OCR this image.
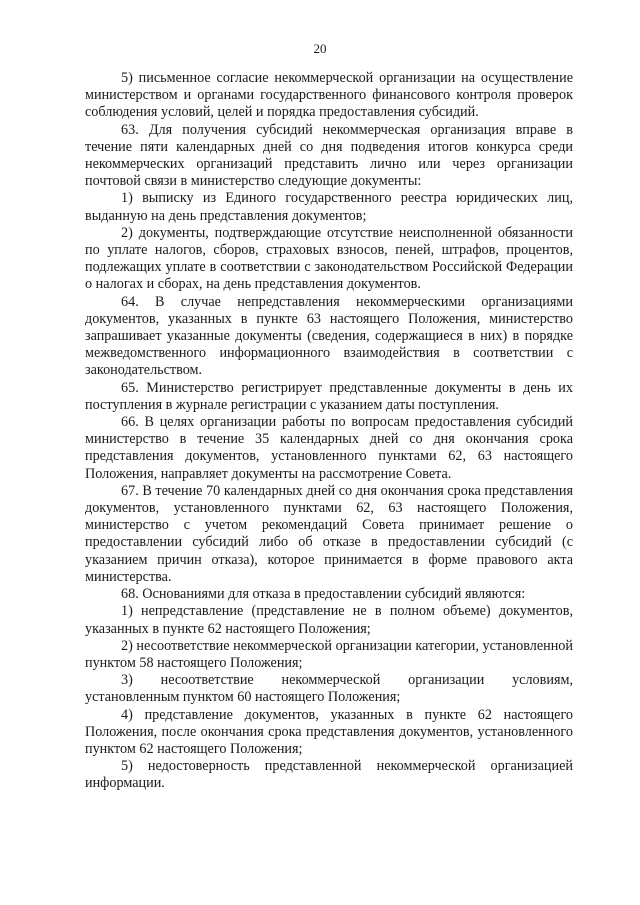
20

5) письменное согласие некоммерческой организации на осуществление министерством и органами государственного финансового контроля проверок соблюдения условий, целей и порядка предоставления субсидий.

63. Для получения субсидий некоммерческая организация вправе в течение пяти календарных дней со дня подведения итогов конкурса среди некоммерческих организаций представить лично или через организации почтовой связи в министерство следующие документы:

1) выписку из Единого государственного реестра юридических лиц, выданную на день представления документов;

2) документы, подтверждающие отсутствие неисполненной обязанности по уплате налогов, сборов, страховых взносов, пеней, штрафов, процентов, подлежащих уплате в соответствии с законодательством Российской Федерации о налогах и сборах, на день представления документов.

64. В случае непредставления некоммерческими организациями документов, указанных в пункте 63 настоящего Положения, министерство запрашивает указанные документы (сведения, содержащиеся в них) в порядке межведомственного информационного взаимодействия в соответствии с законодательством.

65. Министерство регистрирует представленные документы в день их поступления в журнале регистрации с указанием даты поступления.

66. В целях организации работы по вопросам предоставления субсидий министерство в течение 35 календарных дней со дня окончания срока представления документов, установленного пунктами 62, 63 настоящего Положения, направляет документы на рассмотрение Совета.

67. В течение 70 календарных дней со дня окончания срока представления документов, установленного пунктами 62, 63 настоящего Положения, министерство с учетом рекомендаций Совета принимает решение о предоставлении субсидий либо об отказе в предоставлении субсидий (с указанием причин отказа), которое принимается в форме правового акта министерства.

68. Основаниями для отказа в предоставлении субсидий являются:

1) непредставление (представление не в полном объеме) документов, указанных в пункте 62 настоящего Положения;

2) несоответствие некоммерческой организации категории, установленной пунктом 58 настоящего Положения;

3) несоответствие некоммерческой организации условиям, установленным пунктом 60 настоящего Положения;

4) представление документов, указанных в пункте 62 настоящего Положения, после окончания срока представления документов, установленного пунктом 62 настоящего Положения;

5) недостоверность представленной некоммерческой организацией информации.
